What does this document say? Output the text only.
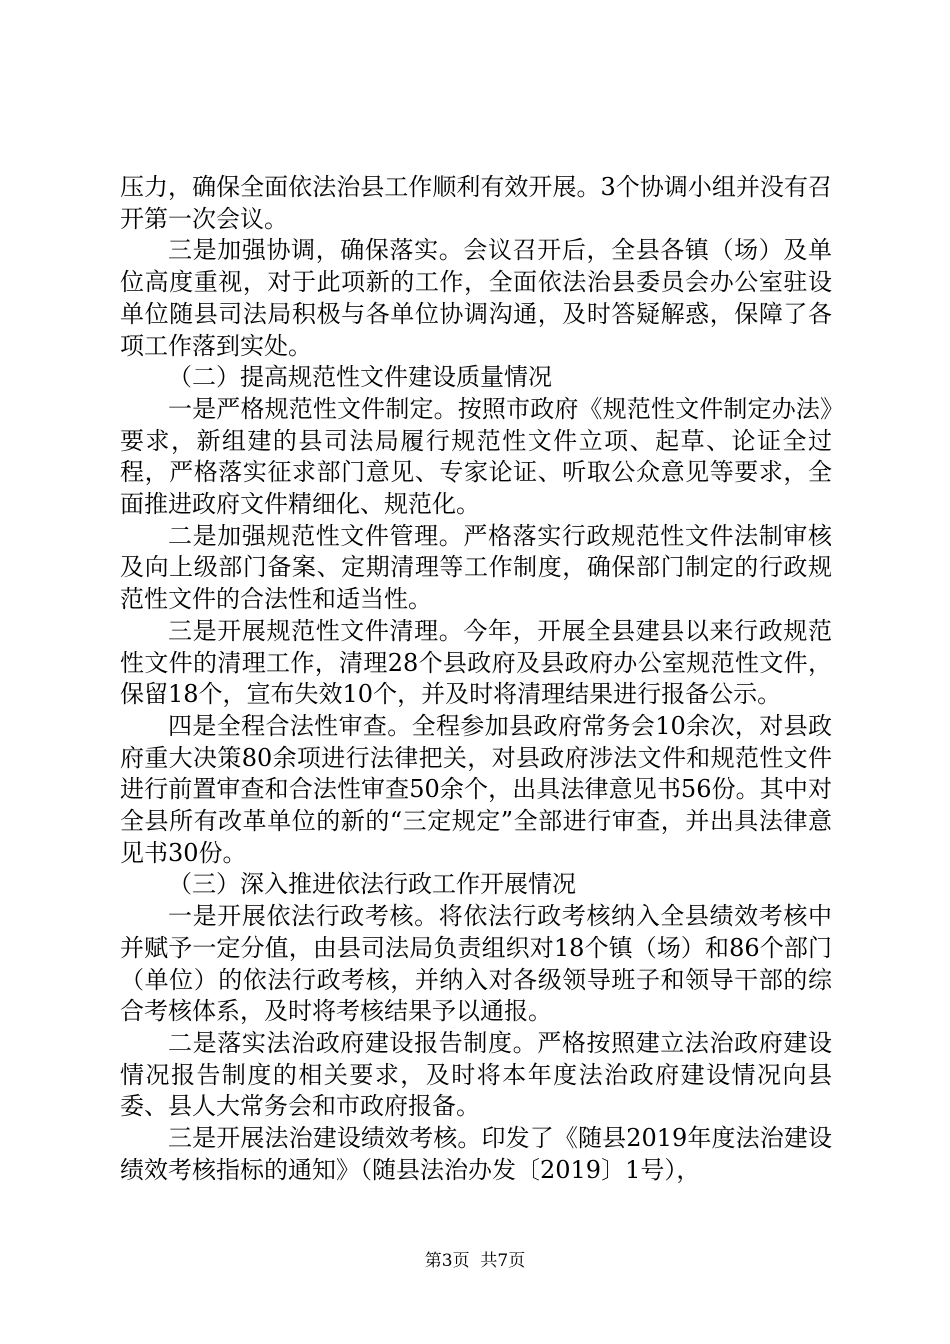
压力，确保全面依法治县工作顺利有效开展。3个协调小组并没有召开第一次会议。

三是加强协调，确保落实。会议召开后，全县各镇（场）及单位高度重视，对于此项新的工作，全面依法治县委员会办公室驻设单位随县司法局积极与各单位协调沟通，及时答疑解惑，保障了各项工作落到实处。

（二）提高规范性文件建设质量情况

一是严格规范性文件制定。按照市政府《规范性文件制定办法》要求，新组建的县司法局履行规范性文件立项、起草、论证全过程，严格落实征求部门意见、专家论证、听取公众意见等要求，全面推进政府文件精细化、规范化。

二是加强规范性文件管理。严格落实行政规范性文件法制审核及向上级部门备案、定期清理等工作制度，确保部门制定的行政规范性文件的合法性和适当性。

三是开展规范性文件清理。今年，开展全县建县以来行政规范性文件的清理工作，清理28个县政府及县政府办公室规范性文件，保留18个，宣布失效10个，并及时将清理结果进行报备公示。

四是全程合法性审查。全程参加县政府常务会10余次，对县政府重大决策80余项进行法律把关，对县政府涉法文件和规范性文件进行前置审查和合法性审查50余个，出具法律意见书56份。其中对全县所有改革单位的新的“三定规定”全部进行审查，并出具法律意见书30份。

（三）深入推进依法行政工作开展情况

一是开展依法行政考核。将依法行政考核纳入全县绩效考核中并赋予一定分值，由县司法局负责组织对18个镇（场）和86个部门（单位）的依法行政考核，并纳入对各级领导班子和领导干部的综合考核体系，及时将考核结果予以通报。

二是落实法治政府建设报告制度。严格按照建立法治政府建设情况报告制度的相关要求，及时将本年度法治政府建设情况向县委、县人大常务会和市政府报备。

三是开展法治建设绩效考核。印发了《随县2019年度法治建设绩效考核指标的通知》（随县法治办发〔2019〕1号），

第3页  共7页
